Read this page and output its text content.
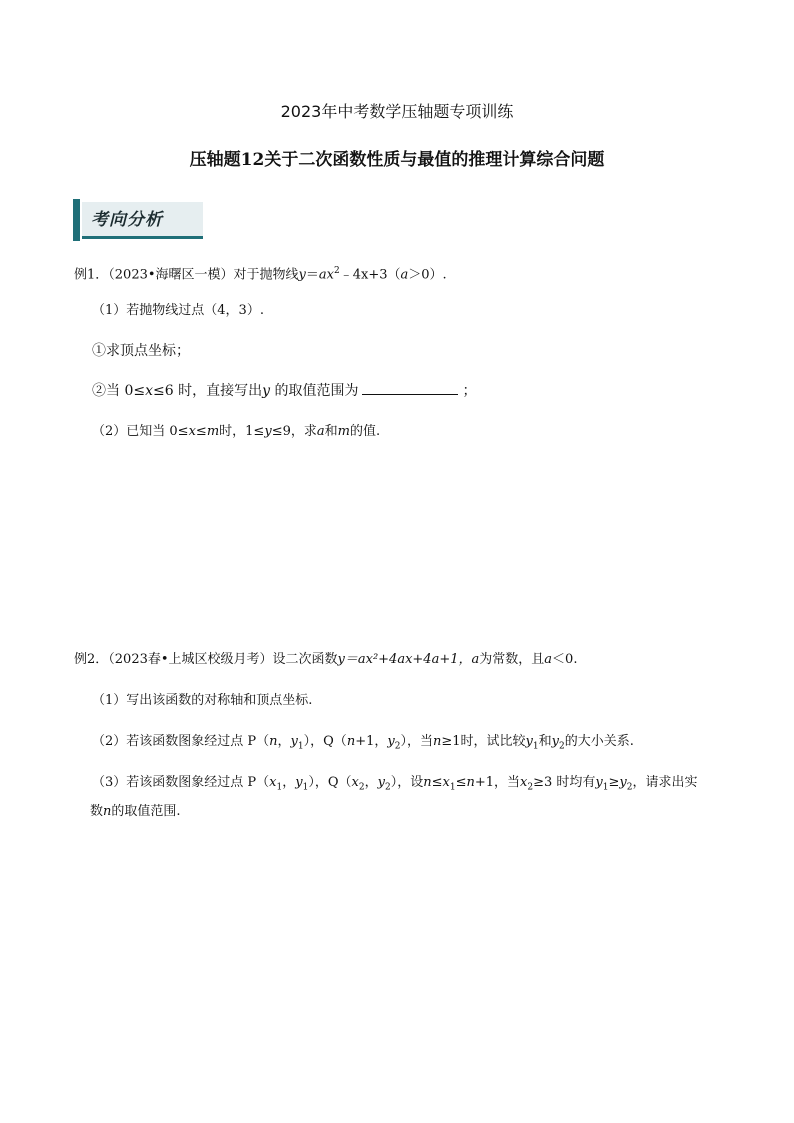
2023年中考数学压轴题专项训练
压轴题12关于二次函数性质与最值的推理计算综合问题
考向分析
例1．（2023•海曙区一模）对于抛物线$y=ax^2﹣4x+3(a>0)$.
（1）若抛物线过点（4，3）.
①求顶点坐标；
②当 0≤x≤6 时，直接写出y 的取值范围为	；
（2）已知当 0≤x≤m时，1≤y≤9，求a和m的值.
例2．（2023春•上城区校级月考）设二次函数y＝ax²+4ax+4a+1，a为常数，且a＜0.
（1）写出该函数的对称轴和顶点坐标.
（2）若该函数图象经过点 P（n，$y_1$），Q（n+1，$y_2$），当n≥1时，试比较$y_1$和$y_2$的大小关系.
（3）若该函数图象经过点 $P(x_1$，$y_1$），$Q(x_2$，$y_2$），设$n\le x_1\le n+1$，当$x_2\ge 3$ 时均有$y_1\ge y_2$，请求出实
数n的取值范围.
